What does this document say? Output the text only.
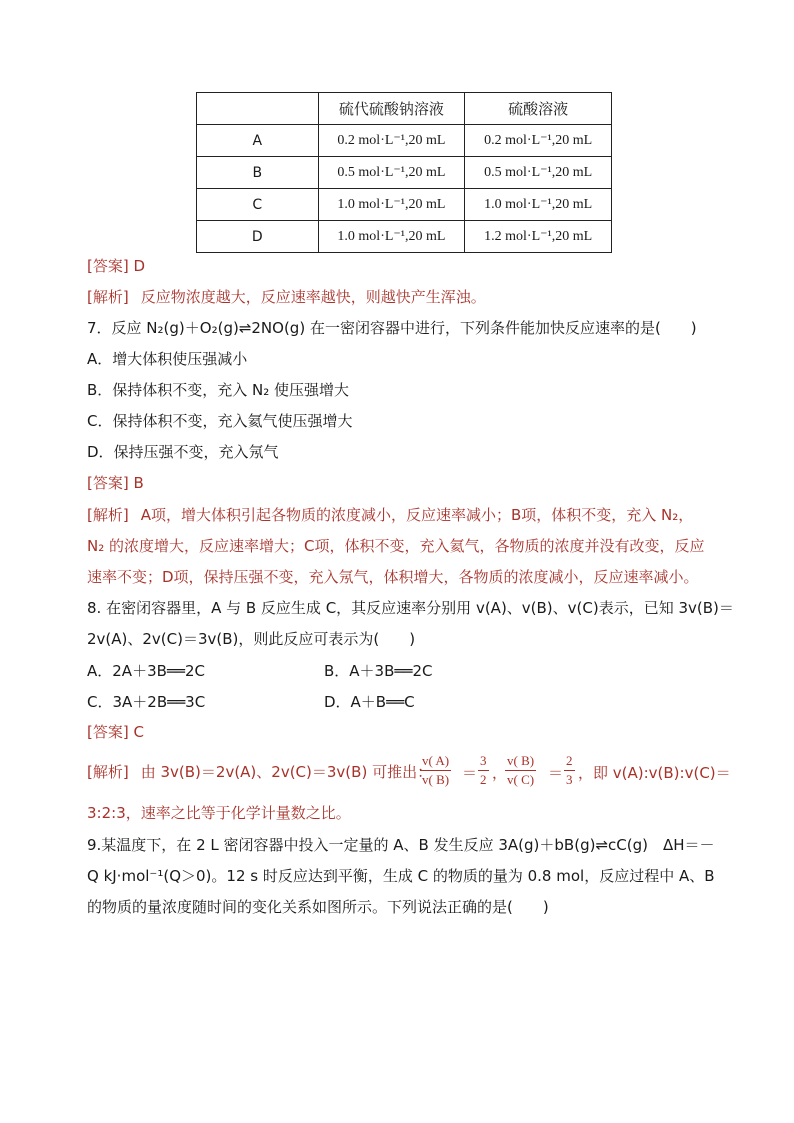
	硫代硫酸钠溶液	硫酸溶液
A	0.2 mol·L⁻¹,20 mL	0.2 mol·L⁻¹,20 mL
B	0.5 mol·L⁻¹,20 mL	0.5 mol·L⁻¹,20 mL
C	1.0 mol·L⁻¹,20 mL	1.0 mol·L⁻¹,20 mL
D	1.0 mol·L⁻¹,20 mL	1.2 mol·L⁻¹,20 mL
[答案] D
[解析] 反应物浓度越大，反应速率越快，则越快产生浑浊。
7．反应 N₂(g)＋O₂(g)⇌2NO(g) 在一密闭容器中进行，下列条件能加快反应速率的是(　　)
A．增大体积使压强减小
B．保持体积不变，充入 N₂ 使压强增大
C．保持体积不变，充入氦气使压强增大
D．保持压强不变，充入氖气
[答案] B
[解析] A项，增大体积引起各物质的浓度减小，反应速率减小；B项，体积不变，充入 N₂，
N₂ 的浓度增大，反应速率增大；C项，体积不变，充入氦气，各物质的浓度并没有改变，反应
速率不变；D项，保持压强不变，充入氖气，体积增大，各物质的浓度减小，反应速率减小。
8. 在密闭容器里，A 与 B 反应生成 C，其反应速率分别用 v(A)、v(B)、v(C)表示，已知 3v(B)＝
2v(A)、2v(C)＝3v(B)，则此反应可表示为(　　)
A．2A＋3B══2C	B．A＋3B══2C
C．3A＋2B══3C	D．A＋B══C
[答案] C
[解析] 由 3v(B)＝2v(A)、2v(C)＝3v(B) 可推出：
$\frac{v( A)}{v( B)} = \frac{3}{2}$ ，
$\frac{v( B)}{v( C)} = \frac{2}{3}$ ，即 v(A):v(B):v(C)＝
3:2:3，速率之比等于化学计量数之比。
9.某温度下，在 2 L 密闭容器中投入一定量的 A、B 发生反应 3A(g)＋bB(g)⇌cC(g)　ΔH＝－
Q kJ·mol⁻¹(Q＞0)。12 s 时反应达到平衡，生成 C 的物质的量为 0.8 mol，反应过程中 A、B
的物质的量浓度随时间的变化关系如图所示。下列说法正确的是(　　)
